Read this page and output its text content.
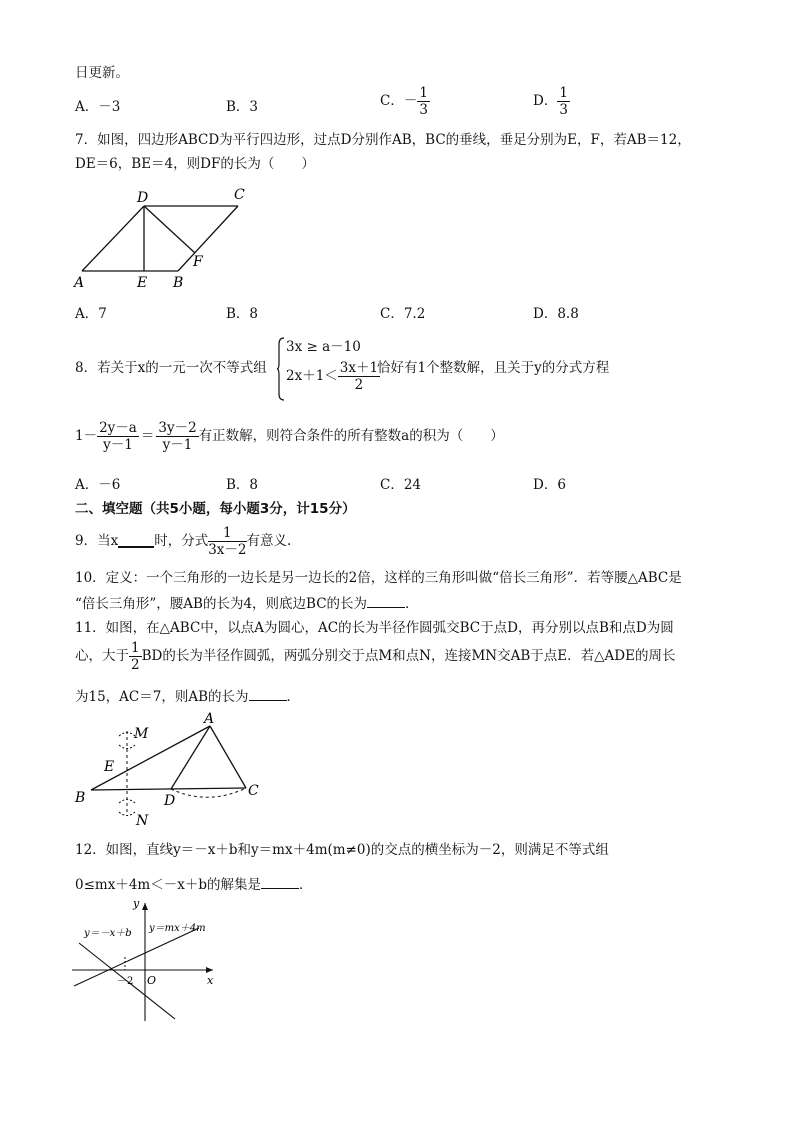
日更新。
A．－3	B．3	C．－ $\frac{1}{3}$	D． $\frac{1}{3}$
7．如图，四边形ABCD为平行四边形，过点D分别作AB，BC的垂线，垂足分别为E，F，若AB＝12，
DE＝6，BE＝4，则DF的长为（　　）
D	C
A	E B
F
A．7	B．8	C．7.2	D．8.8
8．若关于x的一元一次不等式组
3x ≥ a－10
$2x+1< \frac{3x+1}{2}$
恰好有1个整数解，且关于y的分式方程
$1- \frac{2y-a}{y-1} = \frac{3y-2}{y-1}$ 有正数解，则符合条件的所有整数a的积为（　　）
A．－6	B．8	C．24	D．6
二、填空题（共5小题，每小题3分，计15分）
9．当x	时，分式 $\frac{1}{3x-2}$ 有意义.
10．定义：一个三角形的一边长是另一边长的2倍，这样的三角形叫做“倍长三角形”．若等腰△ABC是
“倍长三角形”，腰AB的长为4，则底边BC的长为	．
11．如图，在△ABC中，以点A为圆心，AC的长为半径作圆弧交BC于点D，再分别以点B和点D为圆
心，大于 $\frac{1}{2}$ BD的长为半径作圆弧，两弧分别交于点M和点N，连接MN交AB于点E．若△ADE的周长
为15，AC＝7，则AB的长为	．
A
M
E
B	D
C
N
12．如图，直线y＝－x＋b和y＝mx＋4m(m≠0)的交点的横坐标为－2，则满足不等式组
0≤mx＋4m＜－x＋b的解集是	．
y
x
y＝－x＋b y＝mx＋4m
－2 O
